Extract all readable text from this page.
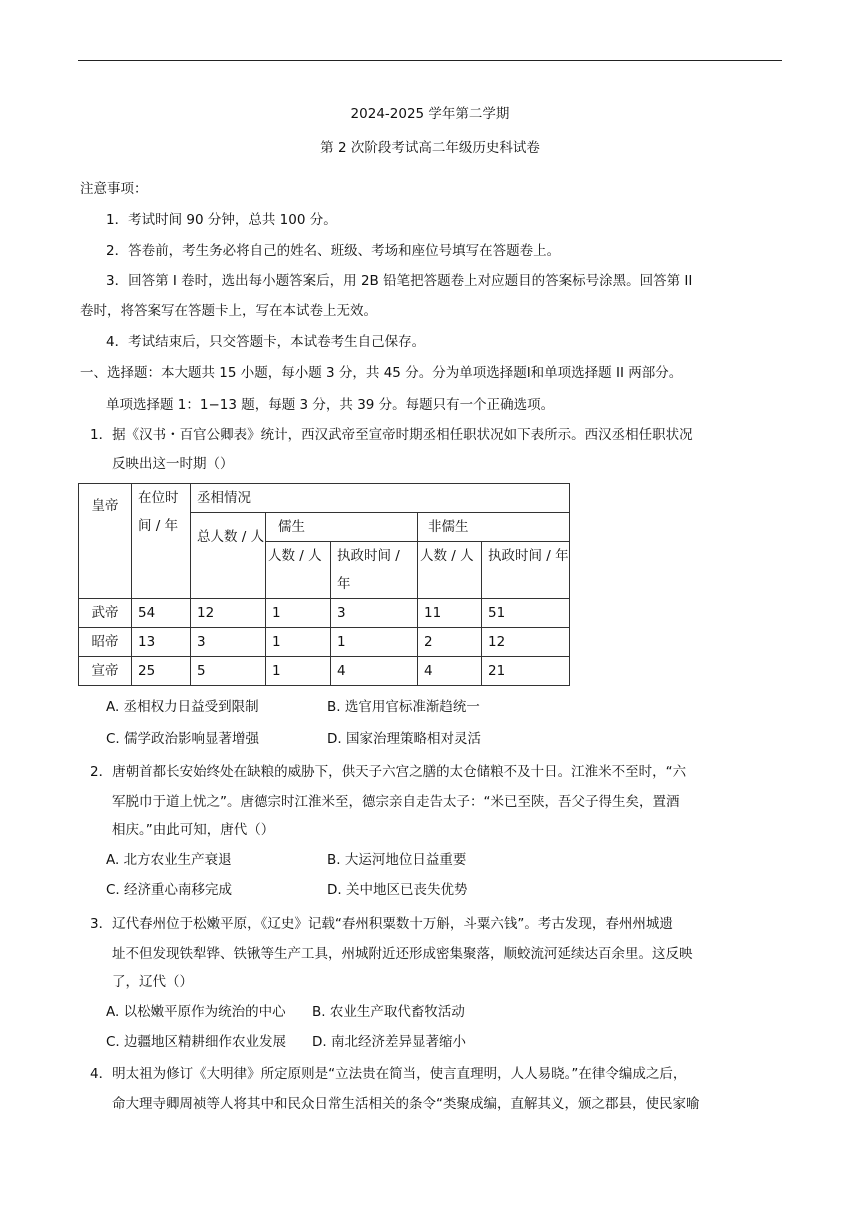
2024-2025 学年第二学期
第 2 次阶段考试高二年级历史科试卷
注意事项：
1．考试时间 90 分钟，总共 100 分。
2．答卷前，考生务必将自己的姓名、班级、考场和座位号填写在答题卷上。
3．回答第 I 卷时，选出每小题答案后，用 2B 铅笔把答题卷上对应题目的答案标号涂黑。回答第 II
卷时，将答案写在答题卡上，写在本试卷上无效。
4．考试结束后，只交答题卡，本试卷考生自己保存。
一、选择题：本大题共 15 小题，每小题 3 分，共 45 分。分为单项选择题Ⅰ和单项选择题 II 两部分。
单项选择题 1：1−13 题，每题 3 分，共 39 分。每题只有一个正确选项。
1．据《汉书・百官公卿表》统计，西汉武帝至宣帝时期丞相任职状况如下表所示。西汉丞相任职状况
反映出这一时期（）
皇帝	在位时间 / 年	丞相情况				
		总人数 / 人	儒生		非儒生	
			人数 / 人	执政时间 / 年	人数 / 人	执政时间 / 年
武帝	54	12	1	3	11	51
昭帝	13	3	1	1	2	12
宣帝	25	5	1	4	4	21
A. 丞相权力日益受到限制	B. 选官用官标准渐趋统一
C. 儒学政治影响显著增强	D. 国家治理策略相对灵活
2．唐朝首都长安始终处在缺粮的威胁下，供天子六宫之膳的太仓储粮不及十日。江淮米不至时，“六
军脱巾于道上忧之”。唐德宗时江淮米至，德宗亲自走告太子：“米已至陕，吾父子得生矣，置酒
相庆。”由此可知，唐代（）
A. 北方农业生产衰退	B. 大运河地位日益重要
C. 经济重心南移完成	D. 关中地区已丧失优势
3．辽代春州位于松嫩平原，《辽史》记载“春州积粟数十万斛，斗粟六钱”。考古发现，春州州城遗
址不但发现铁犁铧、铁锹等生产工具，州城附近还形成密集聚落，顺蛟流河延续达百余里。这反映
了，辽代（）
A. 以松嫩平原作为统治的中心 B. 农业生产取代畜牧活动
C. 边疆地区精耕细作农业发展 D. 南北经济差异显著缩小
4．明太祖为修订《大明律》所定原则是“立法贵在简当，使言直理明，人人易晓。”在律令编成之后，
命大理寺卿周祯等人将其中和民众日常生活相关的条令“类聚成编，直解其义，颁之郡县，使民家喻
